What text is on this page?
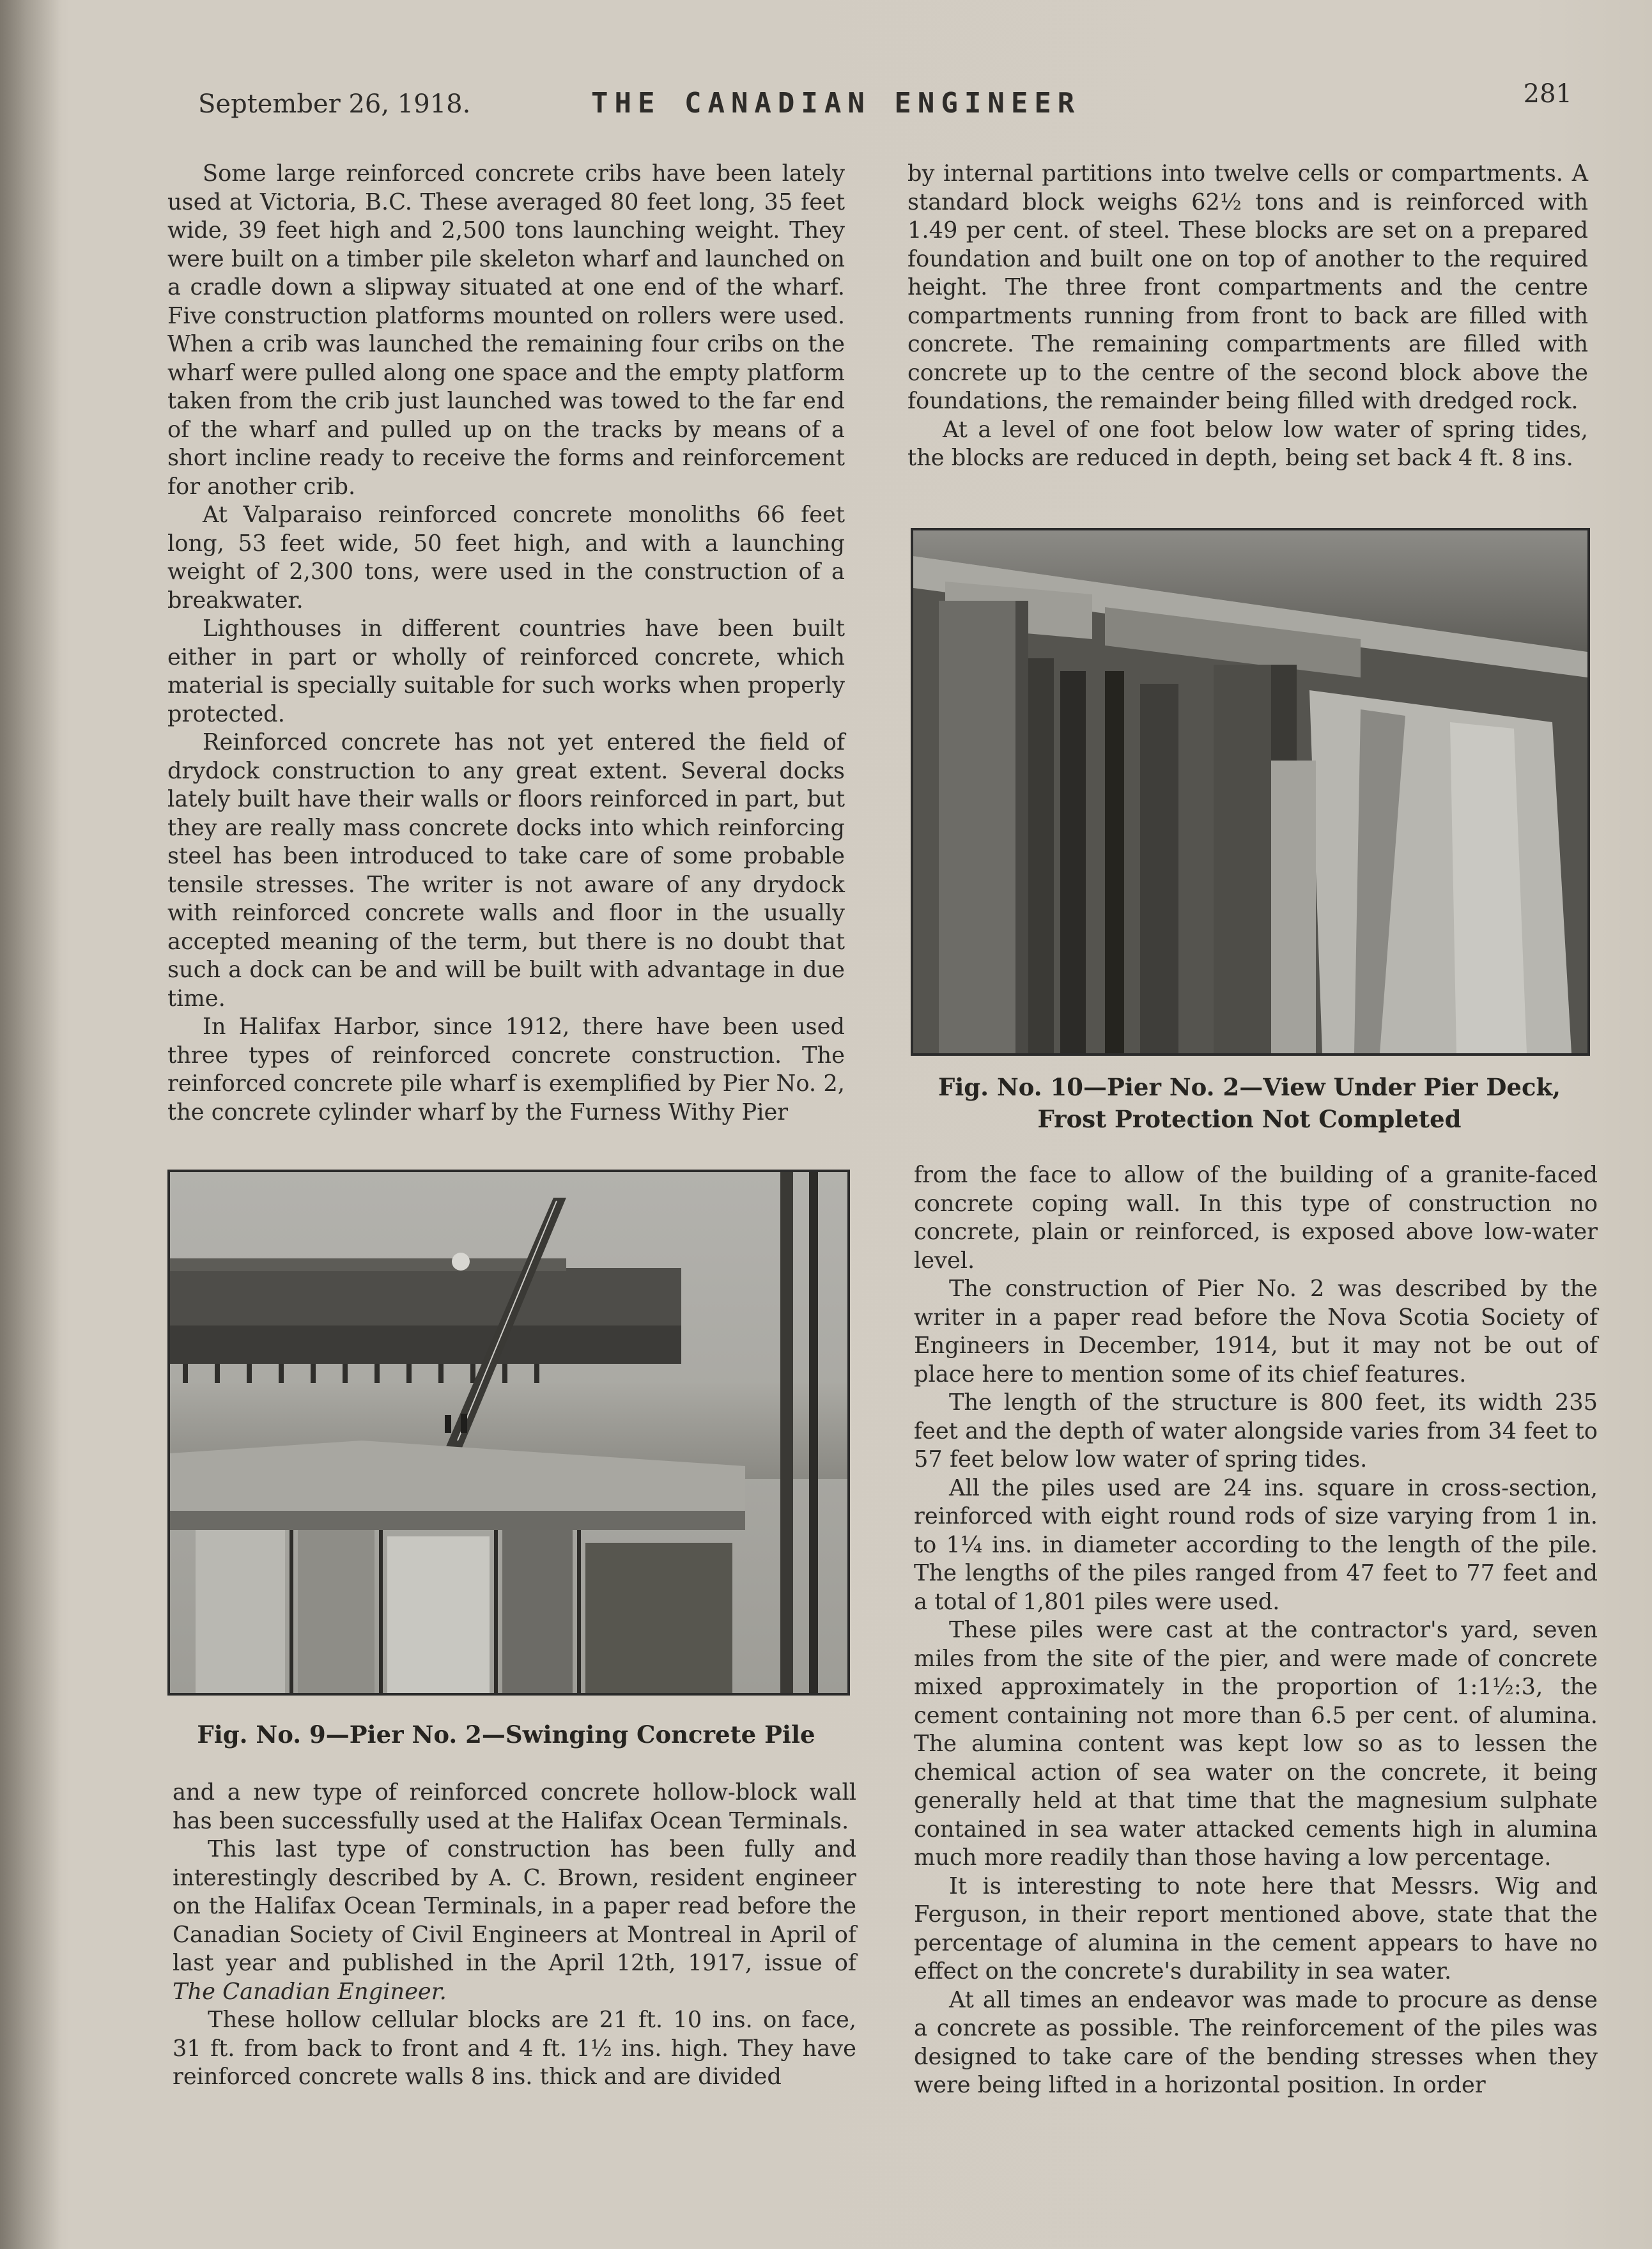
September 26, 1918.	THE CANADIAN ENGINEER	281

Some large reinforced concrete cribs have been lately used at Victoria, B.C. These averaged 80 feet long, 35 feet wide, 39 feet high and 2,500 tons launching weight. They were built on a timber pile skeleton wharf and launched on a cradle down a slipway situated at one end of the wharf. Five construction platforms mounted on rollers were used. When a crib was launched the remaining four cribs on the wharf were pulled along one space and the empty platform taken from the crib just launched was towed to the far end of the wharf and pulled up on the tracks by means of a short incline ready to receive the forms and reinforcement for another crib.

At Valparaiso reinforced concrete monoliths 66 feet long, 53 feet wide, 50 feet high, and with a launching weight of 2,300 tons, were used in the construction of a breakwater.

Lighthouses in different countries have been built either in part or wholly of reinforced concrete, which material is specially suitable for such works when properly protected.

Reinforced concrete has not yet entered the field of drydock construction to any great extent. Several docks lately built have their walls or floors reinforced in part, but they are really mass concrete docks into which reinforcing steel has been introduced to take care of some probable tensile stresses. The writer is not aware of any drydock with reinforced concrete walls and floor in the usually accepted meaning of the term, but there is no doubt that such a dock can be and will be built with advantage in due time.

In Halifax Harbor, since 1912, there have been used three types of reinforced concrete construction. The reinforced concrete pile wharf is exemplified by Pier No. 2, the concrete cylinder wharf by the Furness Withy Pier

Fig. No. 9—Pier No. 2—Swinging Concrete Pile

and a new type of reinforced concrete hollow-block wall has been successfully used at the Halifax Ocean Terminals.

This last type of construction has been fully and interestingly described by A. C. Brown, resident engineer on the Halifax Ocean Terminals, in a paper read before the Canadian Society of Civil Engineers at Montreal in April of last year and published in the April 12th, 1917, issue of The Canadian Engineer.

These hollow cellular blocks are 21 ft. 10 ins. on face, 31 ft. from back to front and 4 ft. 1½ ins. high. They have reinforced concrete walls 8 ins. thick and are divided

by internal partitions into twelve cells or compartments. A standard block weighs 62½ tons and is reinforced with 1.49 per cent. of steel. These blocks are set on a prepared foundation and built one on top of another to the required height. The three front compartments and the centre compartments running from front to back are filled with concrete. The remaining compartments are filled with concrete up to the centre of the second block above the foundations, the remainder being filled with dredged rock.

At a level of one foot below low water of spring tides, the blocks are reduced in depth, being set back 4 ft. 8 ins.

Fig. No. 10—Pier No. 2—View Under Pier Deck,
Frost Protection Not Completed

from the face to allow of the building of a granite-faced concrete coping wall. In this type of construction no concrete, plain or reinforced, is exposed above low-water level.

The construction of Pier No. 2 was described by the writer in a paper read before the Nova Scotia Society of Engineers in December, 1914, but it may not be out of place here to mention some of its chief features.

The length of the structure is 800 feet, its width 235 feet and the depth of water alongside varies from 34 feet to 57 feet below low water of spring tides.

All the piles used are 24 ins. square in cross-section, reinforced with eight round rods of size varying from 1 in. to 1¼ ins. in diameter according to the length of the pile. The lengths of the piles ranged from 47 feet to 77 feet and a total of 1,801 piles were used.

These piles were cast at the contractor's yard, seven miles from the site of the pier, and were made of concrete mixed approximately in the proportion of 1:1½:3, the cement containing not more than 6.5 per cent. of alumina. The alumina content was kept low so as to lessen the chemical action of sea water on the concrete, it being generally held at that time that the magnesium sulphate contained in sea water attacked cements high in alumina much more readily than those having a low percentage.

It is interesting to note here that Messrs. Wig and Ferguson, in their report mentioned above, state that the percentage of alumina in the cement appears to have no effect on the concrete's durability in sea water.

At all times an endeavor was made to procure as dense a concrete as possible. The reinforcement of the piles was designed to take care of the bending stresses when they were being lifted in a horizontal position. In order
